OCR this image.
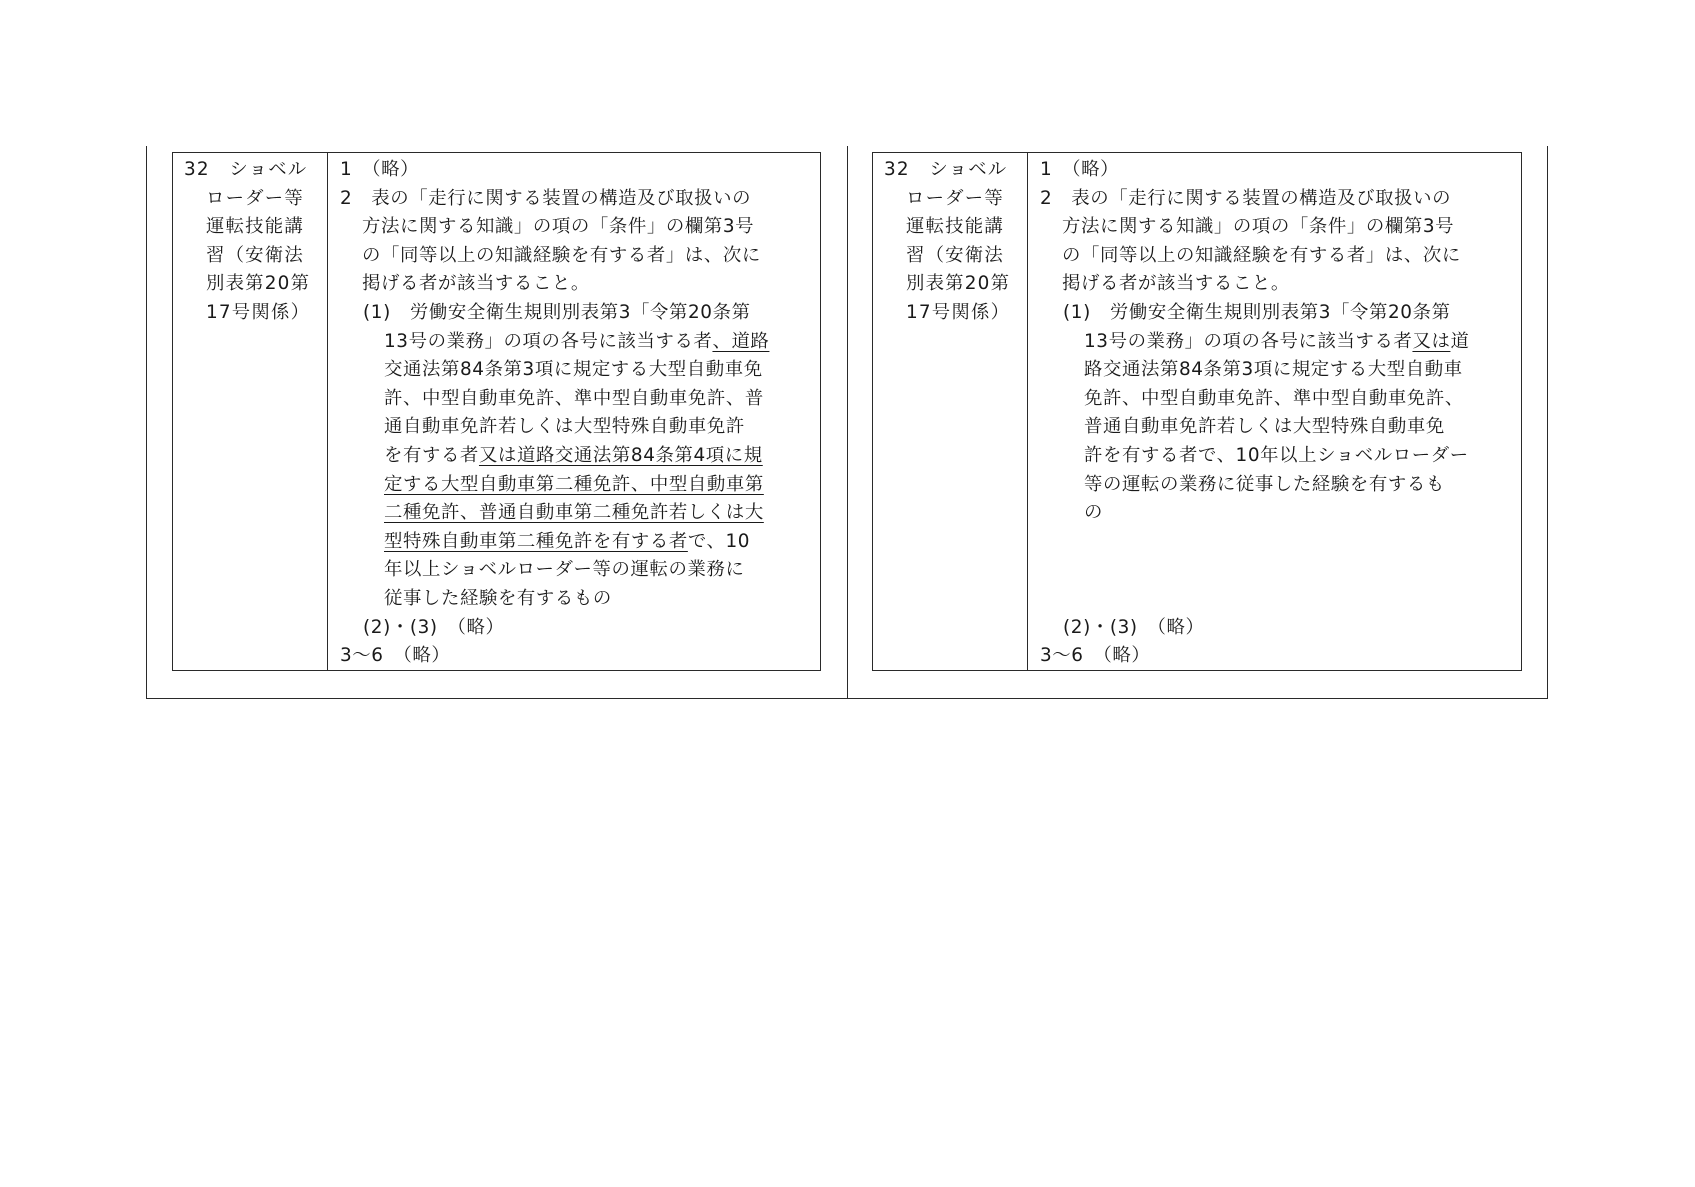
32　ショベル
ローダー等
運転技能講
習（安衛法
別表第20第
17号関係）
1　（略）
2　表の「走行に関する装置の構造及び取扱いの
方法に関する知識」の項の「条件」の欄第3号
の「同等以上の知識経験を有する者」は、次に
掲げる者が該当すること。
(1)　労働安全衛生規則別表第3「令第20条第
13号の業務」の項の各号に該当する者、道路
交通法第84条第3項に規定する大型自動車免
許、中型自動車免許、準中型自動車免許、普
通自動車免許若しくは大型特殊自動車免許
を有する者又は道路交通法第84条第4項に規
定する大型自動車第二種免許、中型自動車第
二種免許、普通自動車第二種免許若しくは大
型特殊自動車第二種免許を有する者で、10
年以上ショベルローダー等の運転の業務に
従事した経験を有するもの
(2)・(3)　（略）
3～6　（略）
32　ショベル
ローダー等
運転技能講
習（安衛法
別表第20第
17号関係）
1　（略）
2　表の「走行に関する装置の構造及び取扱いの
方法に関する知識」の項の「条件」の欄第3号
の「同等以上の知識経験を有する者」は、次に
掲げる者が該当すること。
(1)　労働安全衛生規則別表第3「令第20条第
13号の業務」の項の各号に該当する者又は道
路交通法第84条第3項に規定する大型自動車
免許、中型自動車免許、準中型自動車免許、
普通自動車免許若しくは大型特殊自動車免
許を有する者で、10年以上ショベルローダー
等の運転の業務に従事した経験を有するも
の
(2)・(3)　（略）
3～6　（略）
